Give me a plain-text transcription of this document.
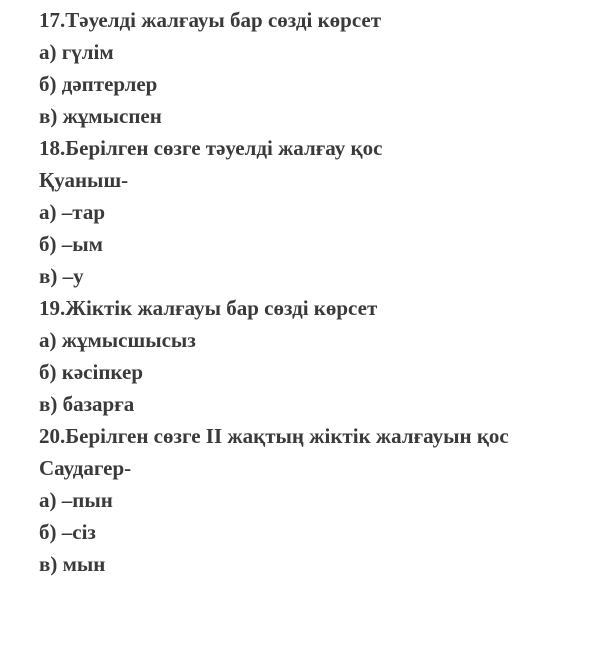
17.Тәуелді жалғауы бар сөзді көрсет
а) гүлім
б) дәптерлер
в) жұмыспен
18.Берілген сөзге тәуелді жалғау қос
Қуаныш-
а) –тар
б) –ым
в) –у
19.Жіктік жалғауы бар сөзді көрсет
а) жұмысшысыз
б) кәсіпкер
в) базарға
20.Берілген сөзге II жақтың жіктік жалғауын қос
Саудагер-
а) –пын
б) –сіз
в) мын
